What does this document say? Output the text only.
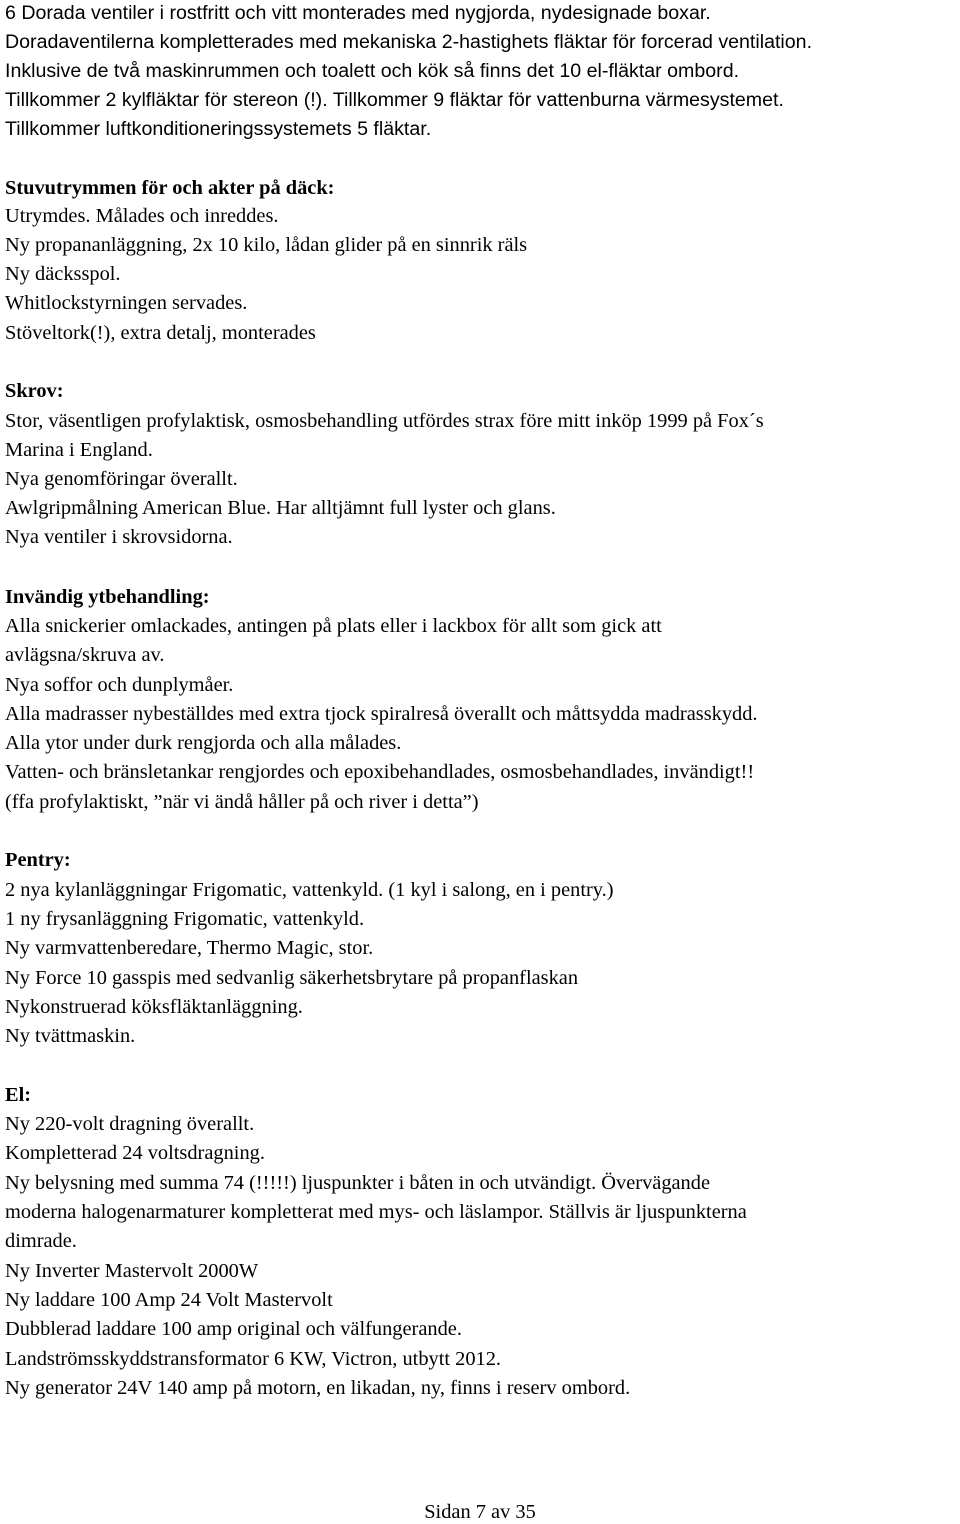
6 Dorada ventiler i rostfritt och vitt monterades med nygjorda, nydesignade boxar.
Doradaventilerna kompletterades med mekaniska 2-hastighets fläktar för forcerad ventilation.
Inklusive de två maskinrummen och toalett och kök så finns det 10 el-fläktar ombord.
Tillkommer 2 kylfläktar för stereon (!). Tillkommer 9 fläktar för vattenburna värmesystemet.
Tillkommer luftkonditioneringssystemets 5 fläktar.
Stuvutrymmen för och akter på däck:
Utrymdes. Målades och inreddes.
Ny propananläggning, 2x 10 kilo, lådan glider på en sinnrik räls
Ny däcksspol.
Whitlockstyrningen servades.
Stöveltork(!), extra detalj, monterades
Skrov:
Stor, väsentligen profylaktisk, osmosbehandling utfördes strax före mitt inköp 1999 på Fox´s
Marina i England.
Nya genomföringar överallt.
Awlgripmålning American Blue. Har alltjämnt full lyster och glans.
Nya ventiler i skrovsidorna.
Invändig ytbehandling:
Alla snickerier omlackades, antingen på plats eller i lackbox för allt som gick att
avlägsna/skruva av.
Nya soffor och dunplymåer.
Alla madrasser nybeställdes med extra tjock spiralreså överallt och måttsydda madrasskydd.
Alla ytor under durk rengjorda och alla målades.
Vatten- och bränsletankar rengjordes och epoxibehandlades, osmosbehandlades, invändigt!!
(ffa profylaktiskt, ”när vi ändå håller på och river i detta”)
Pentry:
2 nya kylanläggningar Frigomatic, vattenkyld. (1 kyl i salong, en i pentry.)
1 ny frysanläggning Frigomatic, vattenkyld.
Ny varmvattenberedare, Thermo Magic, stor.
Ny Force 10 gasspis med sedvanlig säkerhetsbrytare på propanflaskan
Nykonstruerad köksfläktanläggning.
Ny tvättmaskin.
El:
Ny 220-volt dragning överallt.
Kompletterad 24 voltsdragning.
Ny belysning med summa 74 (!!!!!) ljuspunkter i båten in och utvändigt. Övervägande
moderna halogenarmaturer kompletterat med mys- och läslampor. Ställvis är ljuspunkterna
dimrade.
Ny Inverter Mastervolt 2000W
Ny laddare 100 Amp 24 Volt Mastervolt
Dubblerad laddare 100 amp original och välfungerande.
Landströmsskyddstransformator 6 KW, Victron, utbytt 2012.
Ny generator 24V 140 amp på motorn, en likadan, ny, finns i reserv ombord.
Sidan 7 av 35
